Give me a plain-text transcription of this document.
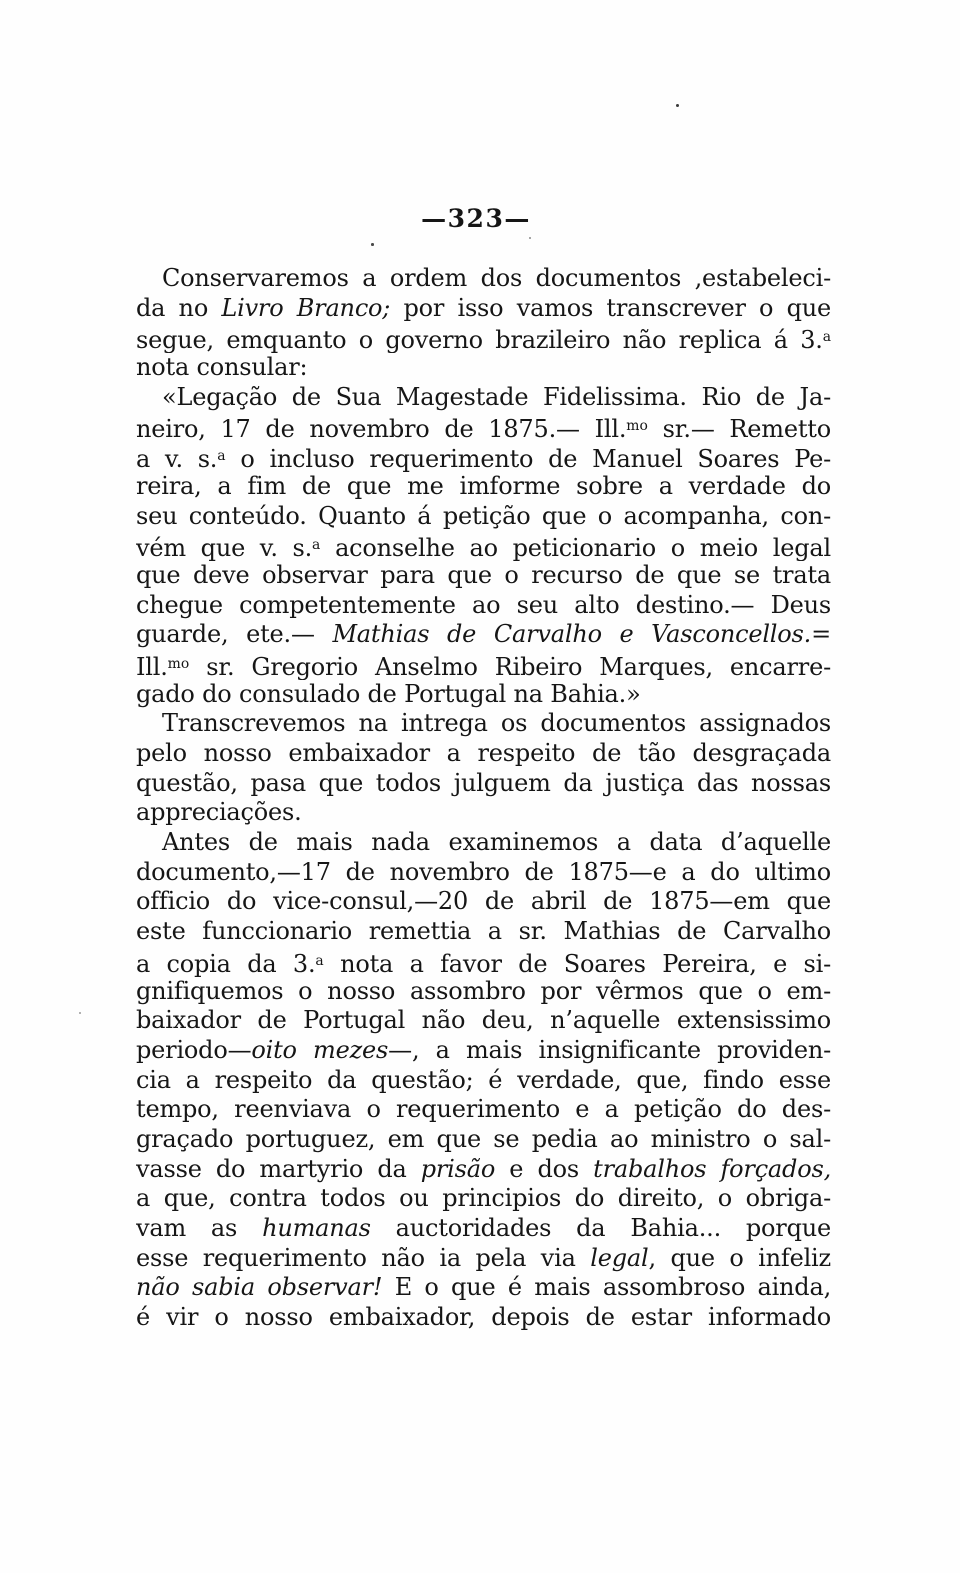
—323—
Conservaremos a ordem dos documentos ,estabeleci-
da no Livro Branco; por isso vamos transcrever o que
segue, emquanto o governo brazileiro não replica á 3.$^a$
nota consular:
«Legação de Sua Magestade Fidelissima. Rio de Ja-
neiro, 17 de novembro de 1875.— Ill.$^{mo}$ sr.— Remetto
a v. s.$^a$ o incluso requerimento de Manuel Soares Pe-
reira, a fim de que me imforme sobre a verdade do
seu conteúdo. Quanto á petição que o acompanha, con-
vém que v. s.$^a$ aconselhe ao peticionario o meio legal
que deve observar para que o recurso de que se trata
chegue competentemente ao seu alto destino.— Deus
guarde, ete.— Mathias de Carvalho e Vasconcellos.=
Ill.$^{mo}$ sr. Gregorio Anselmo Ribeiro Marques, encarre-
gado do consulado de Portugal na Bahia.»
Transcrevemos na intrega os documentos assignados
pelo nosso embaixador a respeito de tão desgraçada
questão, pasa que todos julguem da justiça das nossas
appreciações.
Antes de mais nada examinemos a data d’aquelle
documento,—17 de novembro de 1875—e a do ultimo
officio do vice-consul,—20 de abril de 1875—em que
este funccionario remettia a sr. Mathias de Carvalho
a copia da 3.$^a$ nota a favor de Soares Pereira, e si-
gnifiquemos o nosso assombro por vêrmos que o em-
baixador de Portugal não deu, n’aquelle extensissimo
periodo—oito mezes—, a mais insignificante providen-
cia a respeito da questão; é verdade, que, findo esse
tempo, reenviava o requerimento e a petição do des-
graçado portuguez, em que se pedia ao ministro o sal-
vasse do martyrio da prisão e dos trabalhos forçados,
a que, contra todos ou principios do direito, o obriga-
vam as humanas auctoridades da Bahia... porque
esse requerimento não ia pela via legal, que o infeliz
não sabia observar! E o que é mais assombroso ainda,
é vir o nosso embaixador, depois de estar informado
